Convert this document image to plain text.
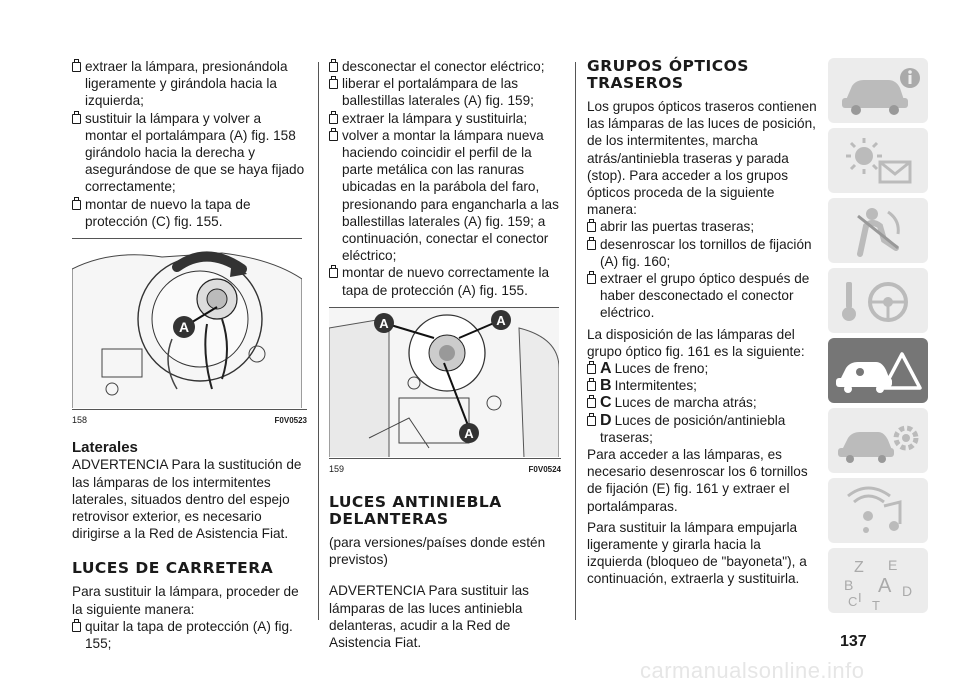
extraer la lámpara, presionándola ligeramente y girándola hacia la izquierda;
sustituir la lámpara y volver a montar el portalámpara (A) fig. 158 girándolo hacia la derecha y asegurándose de que se haya fijado correctamente;
montar de nuevo la tapa de protección (C) fig. 155.
A
158	F0V0523
Laterales

ADVERTENCIA Para la sustitución de las lámparas de los intermitentes laterales, situados dentro del espejo retrovisor exterior, es necesario dirigirse a la Red de Asistencia Fiat.

LUCES DE CARRETERA

Para sustituir la lámpara, proceder de la siguiente manera:

quitar la tapa de protección (A) fig. 155;
desconectar el conector eléctrico;
liberar el portalámpara de las ballestillas laterales (A) fig. 159;
extraer la lámpara y sustituirla;
volver a montar la lámpara nueva haciendo coincidir el perfil de la parte metálica con las ranuras ubicadas en la parábola del faro, presionando para engancharla a las ballestillas laterales (A) fig. 159; a continuación, conectar el conector eléctrico;
montar de nuevo correctamente la tapa de protección (A) fig. 155.
A	A
A
159	F0V0524
LUCES ANTINIEBLA DELANTERAS

(para versiones/países donde estén previstos)

ADVERTENCIA Para sustituir las lámparas de las luces antiniebla delanteras, acudir a la Red de Asistencia Fiat.

GRUPOS ÓPTICOS TRASEROS

Los grupos ópticos traseros contienen las lámparas de las luces de posición, de los intermitentes, marcha atrás/antiniebla traseras y parada (stop). Para acceder a los grupos ópticos proceda de la siguiente manera:

abrir las puertas traseras;
desenroscar los tornillos de fijación (A) fig. 160;
extraer el grupo óptico después de haber desconectado el conector eléctrico.

La disposición de las lámparas del grupo óptico fig. 161 es la siguiente:

A Luces de freno;
B Intermitentes;
C Luces de marcha atrás;
D Luces de posición/antiniebla traseras;

Para acceder a las lámparas, es necesario desenroscar los 6 tornillos de fijación (E) fig. 161 y extraer el portalámparas.

Para sustituir la lámpara empujarla ligeramente y girarla hacia la izquierda (bloqueo de "bayoneta"), a continuación, extraerla y sustituirla.

Z E
B A
I	D
C T
137
carmanualsonline.info
